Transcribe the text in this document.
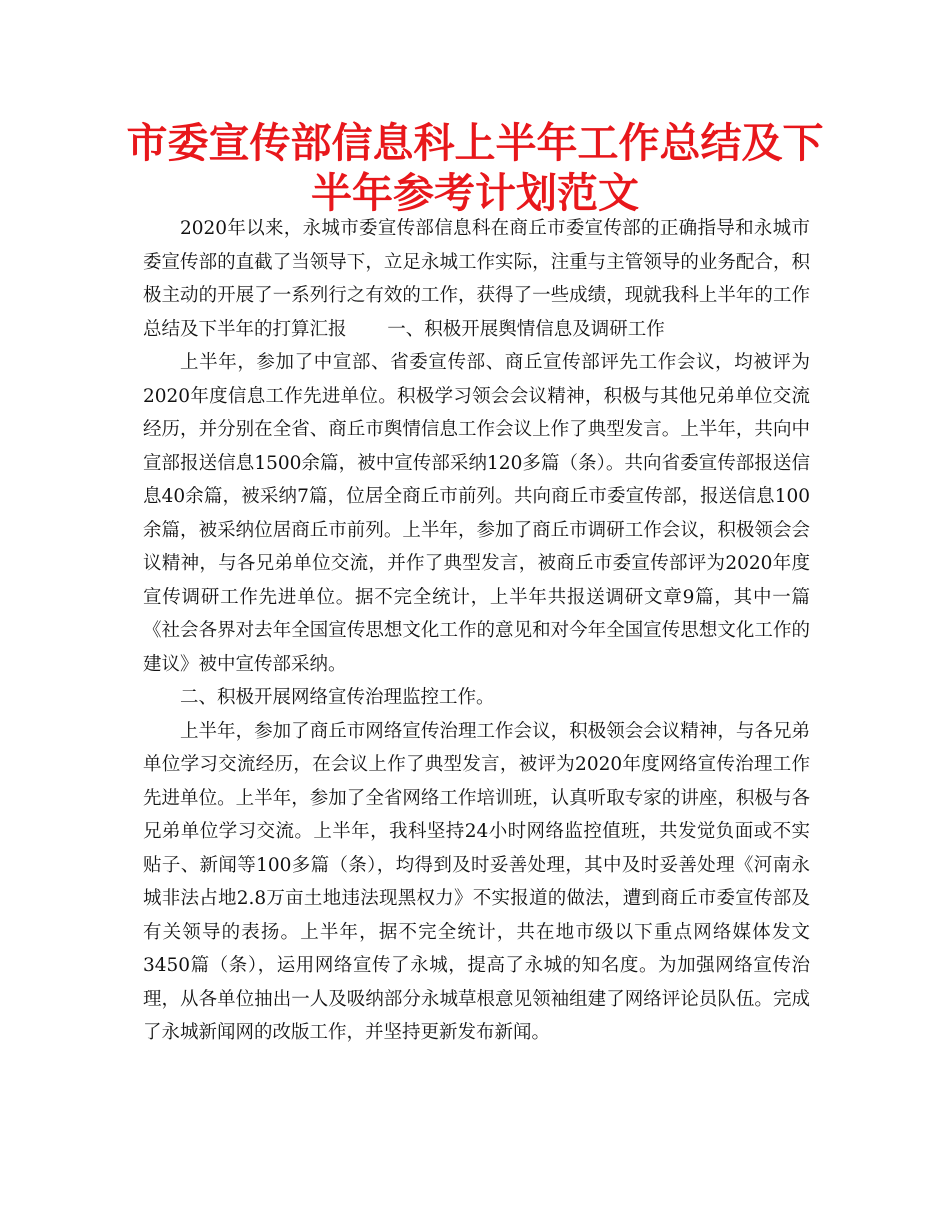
市委宣传部信息科上半年工作总结及下半年参考计划范文

2020年以来，永城市委宣传部信息科在商丘市委宣传部的正确指导和永城市委宣传部的直截了当领导下，立足永城工作实际，注重与主管领导的业务配合，积极主动的开展了一系列行之有效的工作，获得了一些成绩，现就我科上半年的工作总结及下半年的打算汇报 一、积极开展舆情信息及调研工作

上半年，参加了中宣部、省委宣传部、商丘宣传部评先工作会议，均被评为2020年度信息工作先进单位。积极学习领会会议精神，积极与其他兄弟单位交流经历，并分别在全省、商丘市舆情信息工作会议上作了典型发言。上半年，共向中宣部报送信息1500余篇，被中宣传部采纳120多篇（条）。共向省委宣传部报送信息40余篇，被采纳7篇，位居全商丘市前列。共向商丘市委宣传部，报送信息100余篇，被采纳位居商丘市前列。上半年，参加了商丘市调研工作会议，积极领会会议精神，与各兄弟单位交流，并作了典型发言，被商丘市委宣传部评为2020年度宣传调研工作先进单位。据不完全统计，上半年共报送调研文章9篇，其中一篇《社会各界对去年全国宣传思想文化工作的意见和对今年全国宣传思想文化工作的建议》被中宣传部采纳。

二、积极开展网络宣传治理监控工作。

上半年，参加了商丘市网络宣传治理工作会议，积极领会会议精神，与各兄弟单位学习交流经历，在会议上作了典型发言，被评为2020年度网络宣传治理工作先进单位。上半年，参加了全省网络工作培训班，认真听取专家的讲座，积极与各兄弟单位学习交流。上半年，我科坚持24小时网络监控值班，共发觉负面或不实贴子、新闻等100多篇（条），均得到及时妥善处理，其中及时妥善处理《河南永城非法占地2.8万亩土地违法现黑权力》不实报道的做法，遭到商丘市委宣传部及有关领导的表扬。上半年，据不完全统计，共在地市级以下重点网络媒体发文3450篇（条），运用网络宣传了永城，提高了永城的知名度。为加强网络宣传治理，从各单位抽出一人及吸纳部分永城草根意见领袖组建了网络评论员队伍。完成了永城新闻网的改版工作，并坚持更新发布新闻。
